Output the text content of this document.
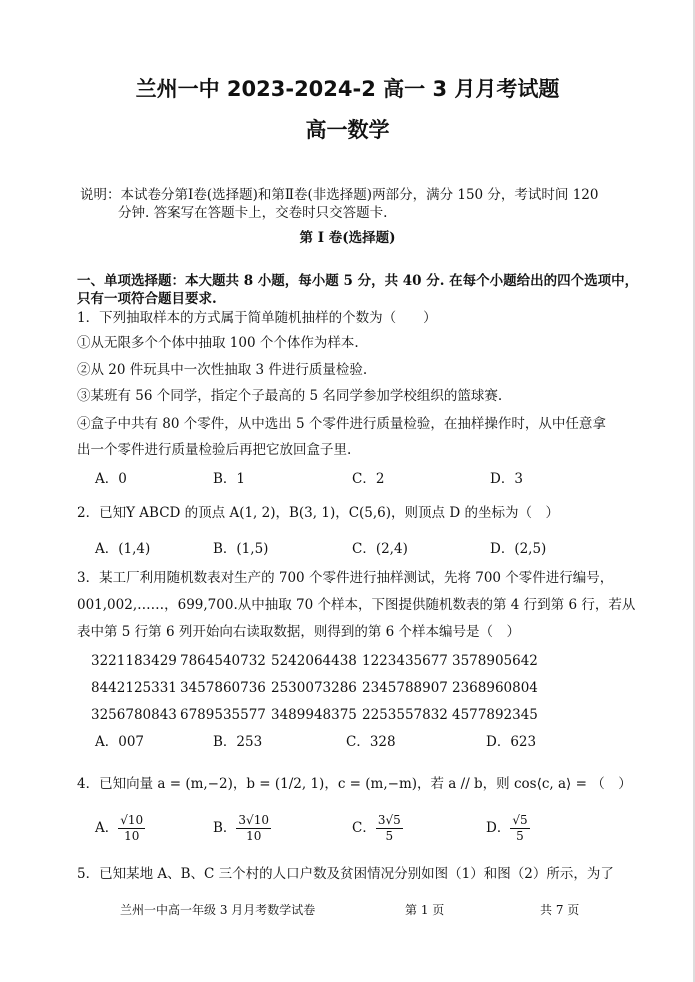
兰州一中 2023-2024-2 高一 3 月月考试题
高一数学
说明：本试卷分第Ⅰ卷(选择题)和第Ⅱ卷(非选择题)两部分，满分 150 分，考试时间 120
分钟. 答案写在答题卡上，交卷时只交答题卡.
第 I 卷(选择题)
一、单项选择题：本大题共 8 小题，每小题 5 分，共 40 分. 在每个小题给出的四个选项中，
只有一项符合题目要求.
1．下列抽取样本的方式属于简单随机抽样的个数为（　　）
①从无限多个个体中抽取 100 个个体作为样本.
②从 20 件玩具中一次性抽取 3 件进行质量检验.
③某班有 56 个同学，指定个子最高的 5 名同学参加学校组织的篮球赛.
④盒子中共有 80 个零件，从中选出 5 个零件进行质量检验，在抽样操作时，从中任意拿
出一个零件进行质量检验后再把它放回盒子里.
A．0	B．1	C．2	D．3
2．已知Y ABCD 的顶点 A(1, 2)，B(3, 1)，C(5,6)，则顶点 D 的坐标为（　）
A．(1,4)	B．(1,5)	C．(2,4)	D．(2,5)
3．某工厂利用随机数表对生产的 700 个零件进行抽样测试，先将 700 个零件进行编号，
001,002,……，699,700.从中抽取 70 个样本，下图提供随机数表的第 4 行到第 6 行，若从
表中第 5 行第 6 列开始向右读取数据，则得到的第 6 个样本编号是（　）
3221183429 7864540732 5242064438 1223435677 3578905642
8442125331 3457860736 2530073286 2345788907 2368960804
3256780843 6789535577 3489948375 2253557832 4577892345
A．007	B．253	C．328	D．623
4．已知向量 a = (m,−2)，b = (1/2, 1)，c = (m,−m)，若 a // b，则 cos⟨c, a⟩ = （　）
A． $\frac{√10}{10}$	B． $\frac{3√10}{10}$	C． $\frac{3√5}{5}$	D． $\frac{√5}{5}$
5．已知某地 A、B、C 三个村的人口户数及贫困情况分别如图（1）和图（2）所示，为了
兰州一中高一年级 3 月月考数学试卷	第 1 页	共 7 页
